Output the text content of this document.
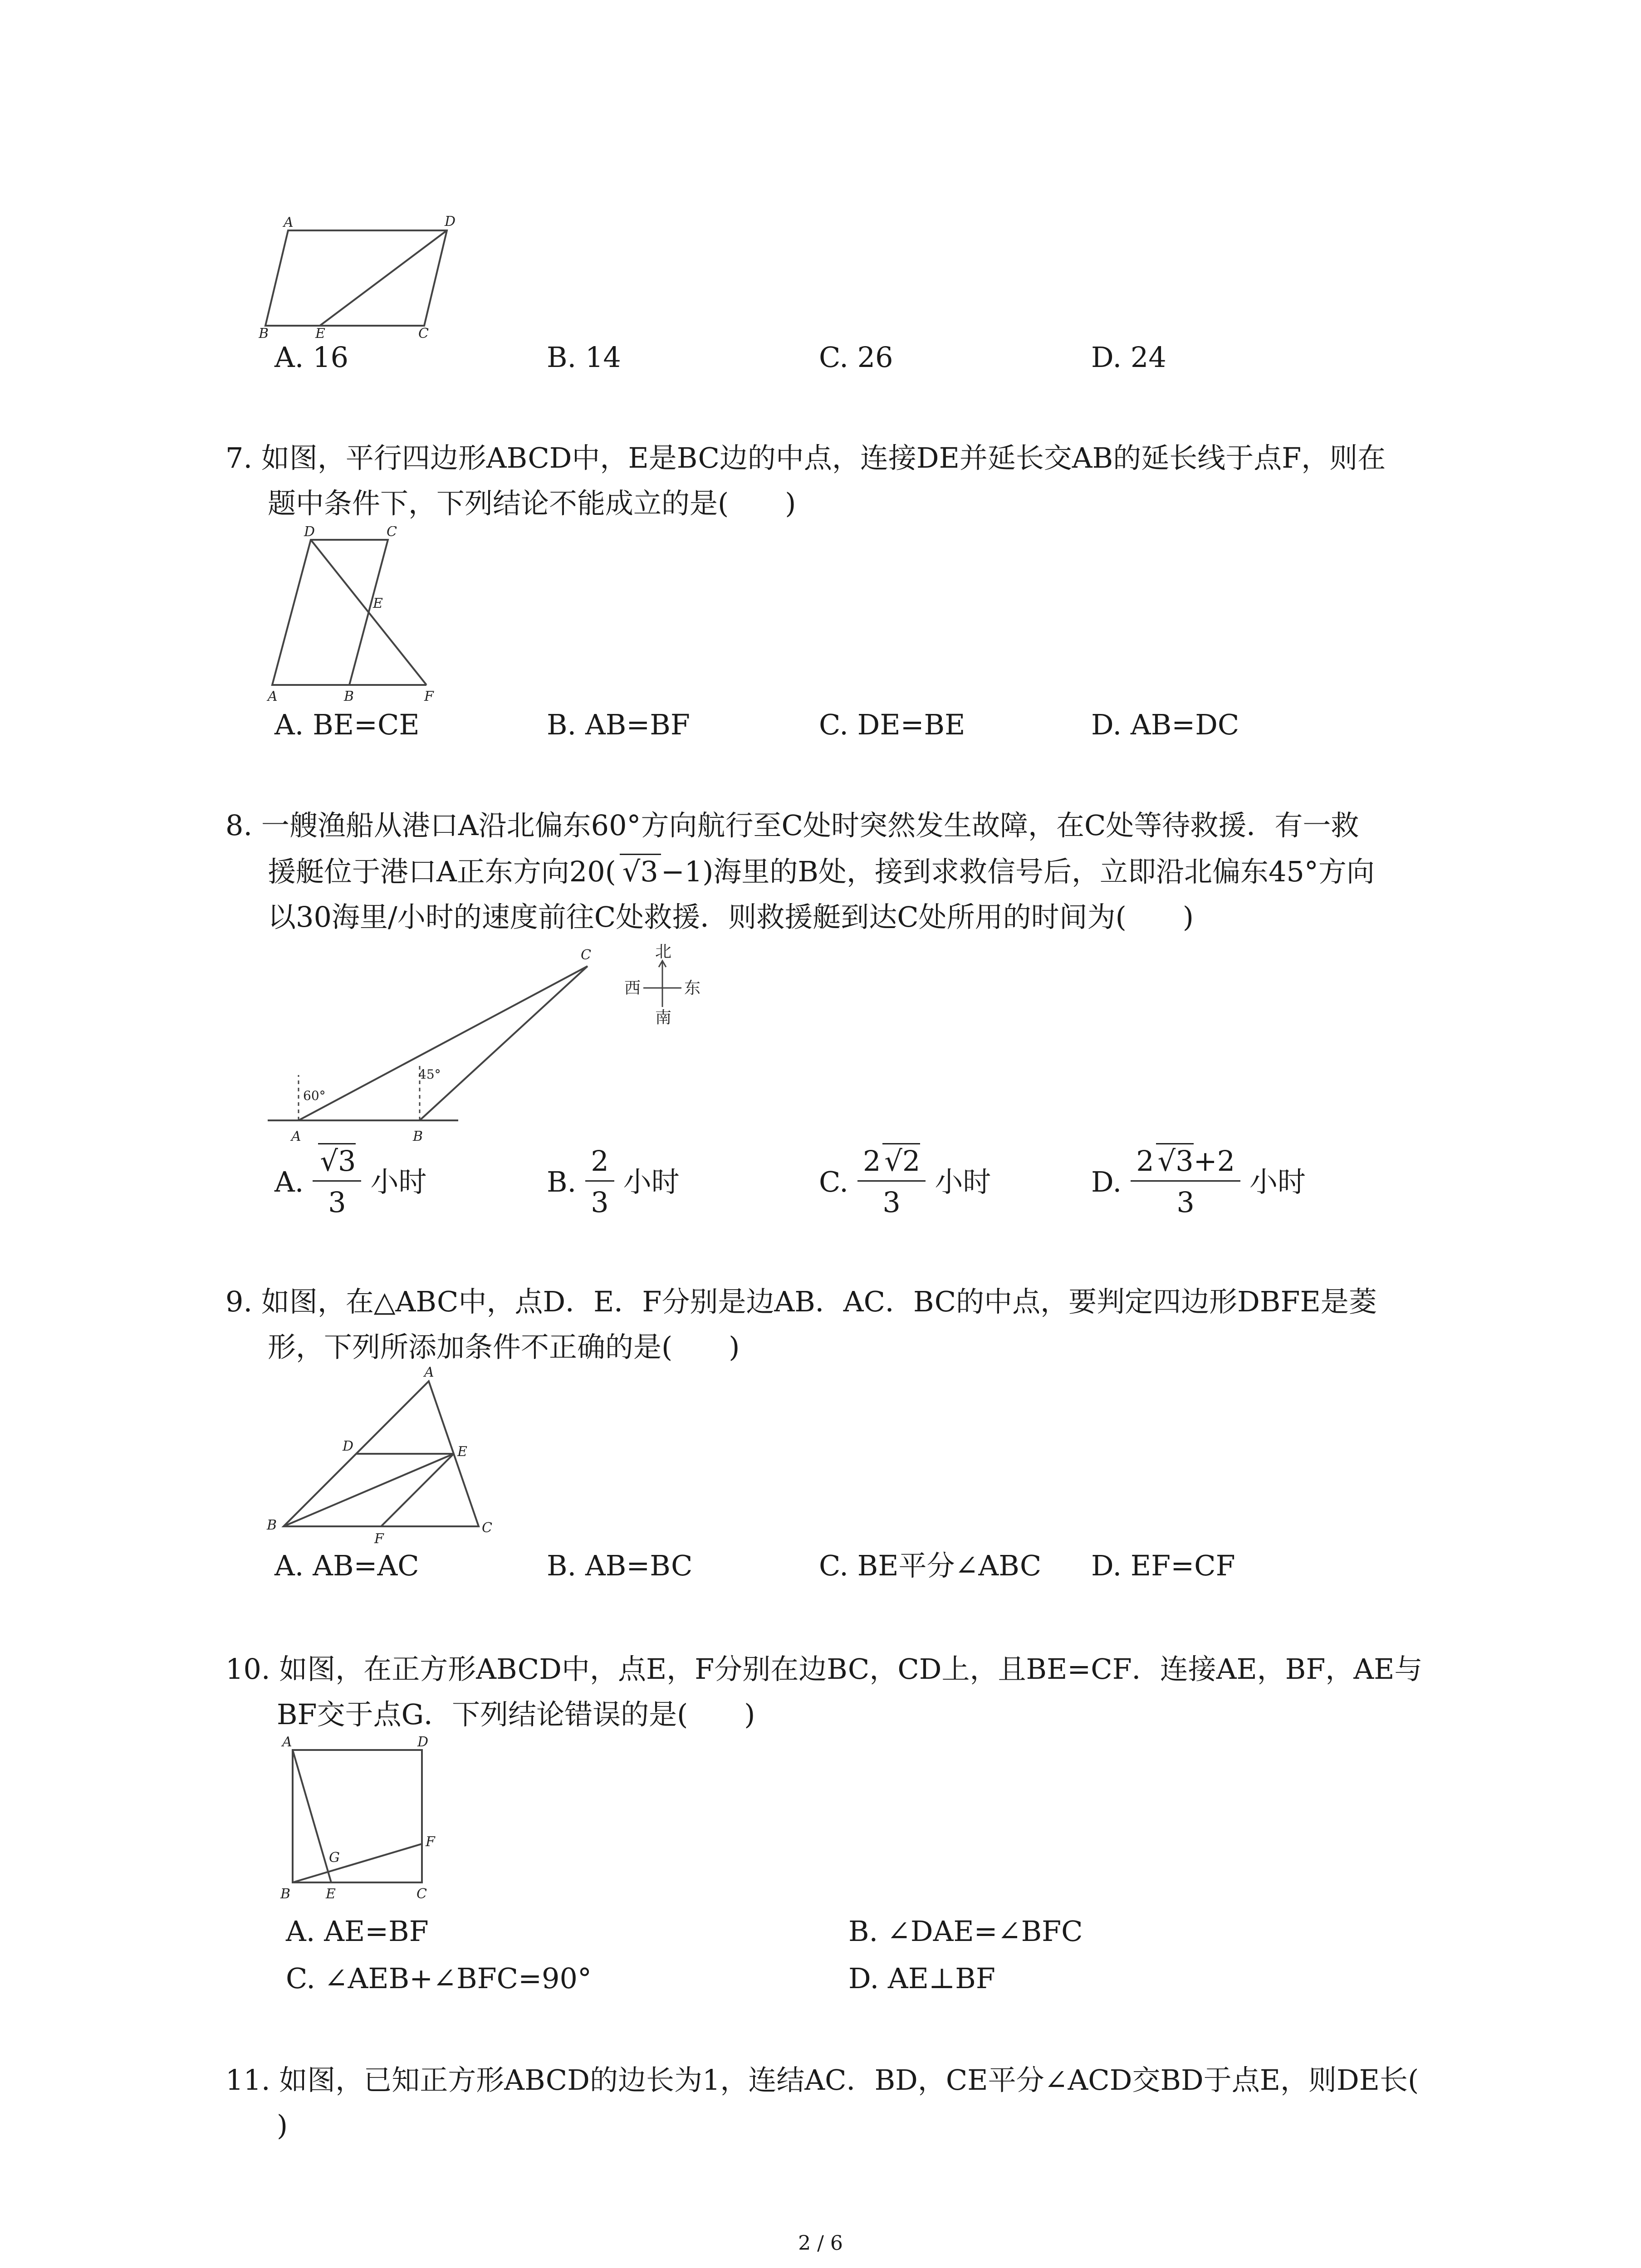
A	D
B	E	C
A. 16	B. 14	C. 26	D. 24
7. 如图，平行四边形ABCD中，E是BC边的中点，连接DE并延长交AB的延长线于点F，则在
题中条件下，下列结论不能成立的是(　　)
D	C
E
A	B	F
A. BE=CE	B. AB=BF	C. DE=BE	D. AB=DC
8. 一艘渔船从港口A沿北偏东60°方向航行至C处时突然发生故障，在C处等待救援．有一救
援艇位于港口A正东方向20( √3−1)海里的B处，接到求救信号后，立即沿北偏东45°方向
以30海里/小时的速度前往C处救援．则救援艇到达C处所用的时间为(　　)
C
A	B
60°
45°
北
西	东
南
A. $\frac{√3}{3}$ 小时	B. $\frac{2}{3}$ 小时	C. $\frac{2 √2}{3}$ 小时	D. $\frac{2 √3+2}{3}$ 小时
9. 如图，在△ABC中，点D．E．F分别是边AB．AC．BC的中点，要判定四边形DBFE是菱
形，下列所添加条件不正确的是(　　)
A
D	E
B
F
C
A. AB=AC	B. AB=BC	C. BE平分∠ABC D. EF=CF
10. 如图，在正方形ABCD中，点E，F分别在边BC，CD上，且BE=CF．连接AE，BF，AE与
BF交于点G．下列结论错误的是(　　)
A	D
F
G
B	E	C
A. AE=BF	B. ∠DAE=∠BFC
C. ∠AEB+∠BFC=90°	D. AE⊥BF
11. 如图，已知正方形ABCD的边长为1，连结AC．BD，CE平分∠ACD交BD于点E，则DE长(
)
2 / 6
